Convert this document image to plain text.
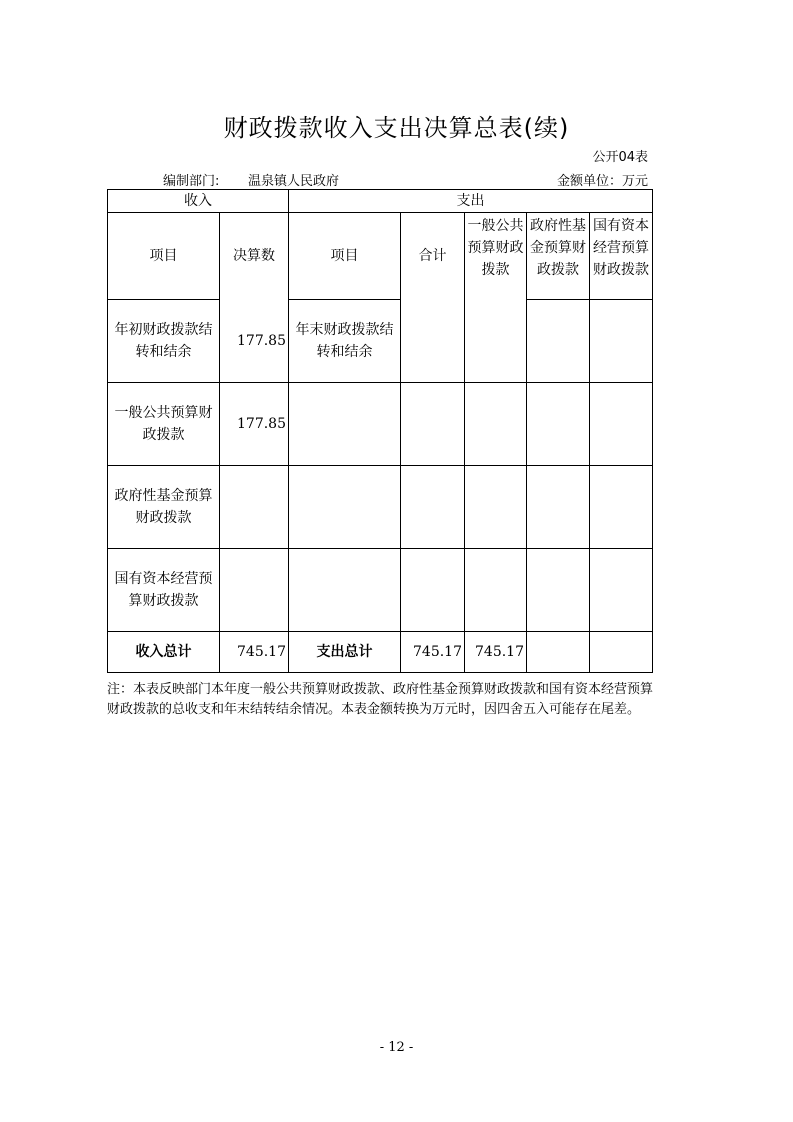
财政拨款收入支出决算总表(续)
公开04表
编制部门: 温泉镇人民政府	金额单位：万元
收入		支出				
项目	决算数	项目	合计	一般公共预算财政拨款	政府性基金预算财政拨款	国有资本经营预算财政拨款
年初财政拨款结转和结余	177.85	年末财政拨款结转和结余				
一般公共预算财政拨款	177.85					
政府性基金预算财政拨款						
国有资本经营预算财政拨款						
收入总计	745.17	支出总计	745.17	745.17		
注：本表反映部门本年度一般公共预算财政拨款、政府性基金预算财政拨款和国有资本经营预算财政拨款的总收支和年末结转结余情况。本表金额转换为万元时，因四舍五入可能存在尾差。
- 12 -
